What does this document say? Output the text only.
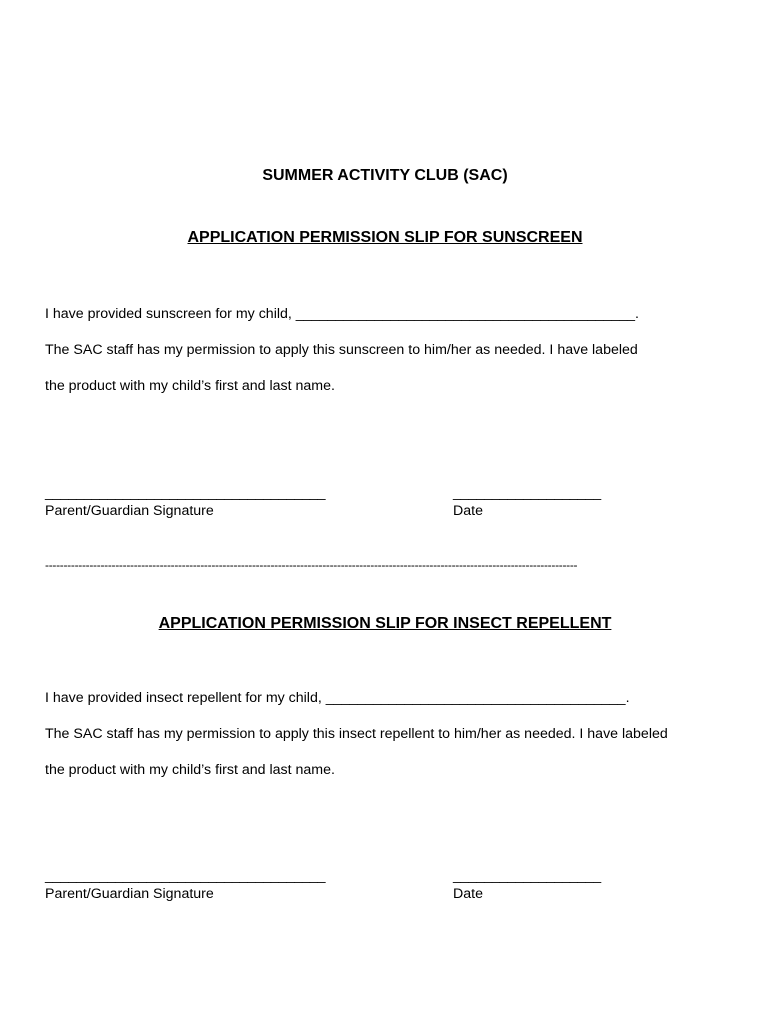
SUMMER ACTIVITY CLUB (SAC)
APPLICATION PERMISSION SLIP FOR SUNSCREEN
I have provided sunscreen for my child, ___________________________________________.
The SAC staff has my permission to apply this sunscreen to him/her as needed. I have labeled
the product with my child’s first and last name.
____________________________________	___________________
Parent/Guardian Signature	Date
------------------------------------------------------------------------------------------------------------------------------------------------
APPLICATION PERMISSION SLIP FOR INSECT REPELLENT
I have provided insect repellent for my child, ______________________________________.
The SAC staff has my permission to apply this insect repellent to him/her as needed. I have labeled
the product with my child’s first and last name.
____________________________________	___________________
Parent/Guardian Signature	Date
